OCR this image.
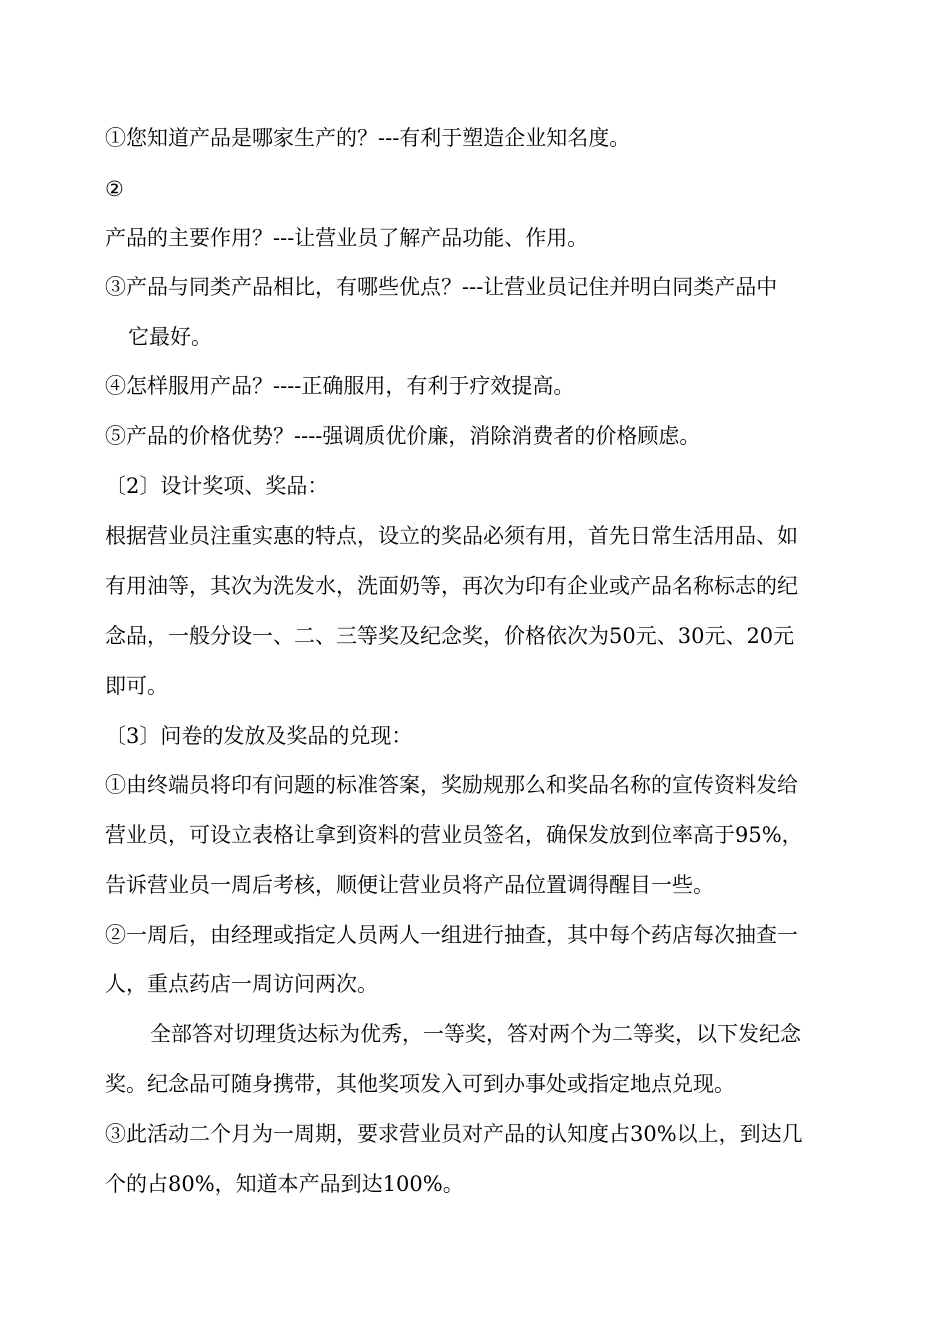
①您知道产品是哪家生产的？---有利于塑造企业知名度。
②
产品的主要作用？---让营业员了解产品功能、作用。
③产品与同类产品相比，有哪些优点？---让营业员记住并明白同类产品中
它最好。
④怎样服用产品？----正确服用，有利于疗效提高。
⑤产品的价格优势？----强调质优价廉，消除消费者的价格顾虑。
〔2〕设计奖项、奖品：
根据营业员注重实惠的特点，设立的奖品必须有用，首先日常生活用品、如
有用油等，其次为洗发水，洗面奶等，再次为印有企业或产品名称标志的纪
念品，一般分设一、二、三等奖及纪念奖，价格依次为50元、30元、20元
即可。
〔3〕问卷的发放及奖品的兑现：
①由终端员将印有问题的标准答案，奖励规那么和奖品名称的宣传资料发给
营业员，可设立表格让拿到资料的营业员签名，确保发放到位率高于95%，
告诉营业员一周后考核，顺便让营业员将产品位置调得醒目一些。
②一周后，由经理或指定人员两人一组进行抽查，其中每个药店每次抽查一
人，重点药店一周访问两次。
全部答对切理货达标为优秀，一等奖，答对两个为二等奖，以下发纪念
奖。纪念品可随身携带，其他奖项发入可到办事处或指定地点兑现。
③此活动二个月为一周期，要求营业员对产品的认知度占30%以上，到达几
个的占80%，知道本产品到达100%。
